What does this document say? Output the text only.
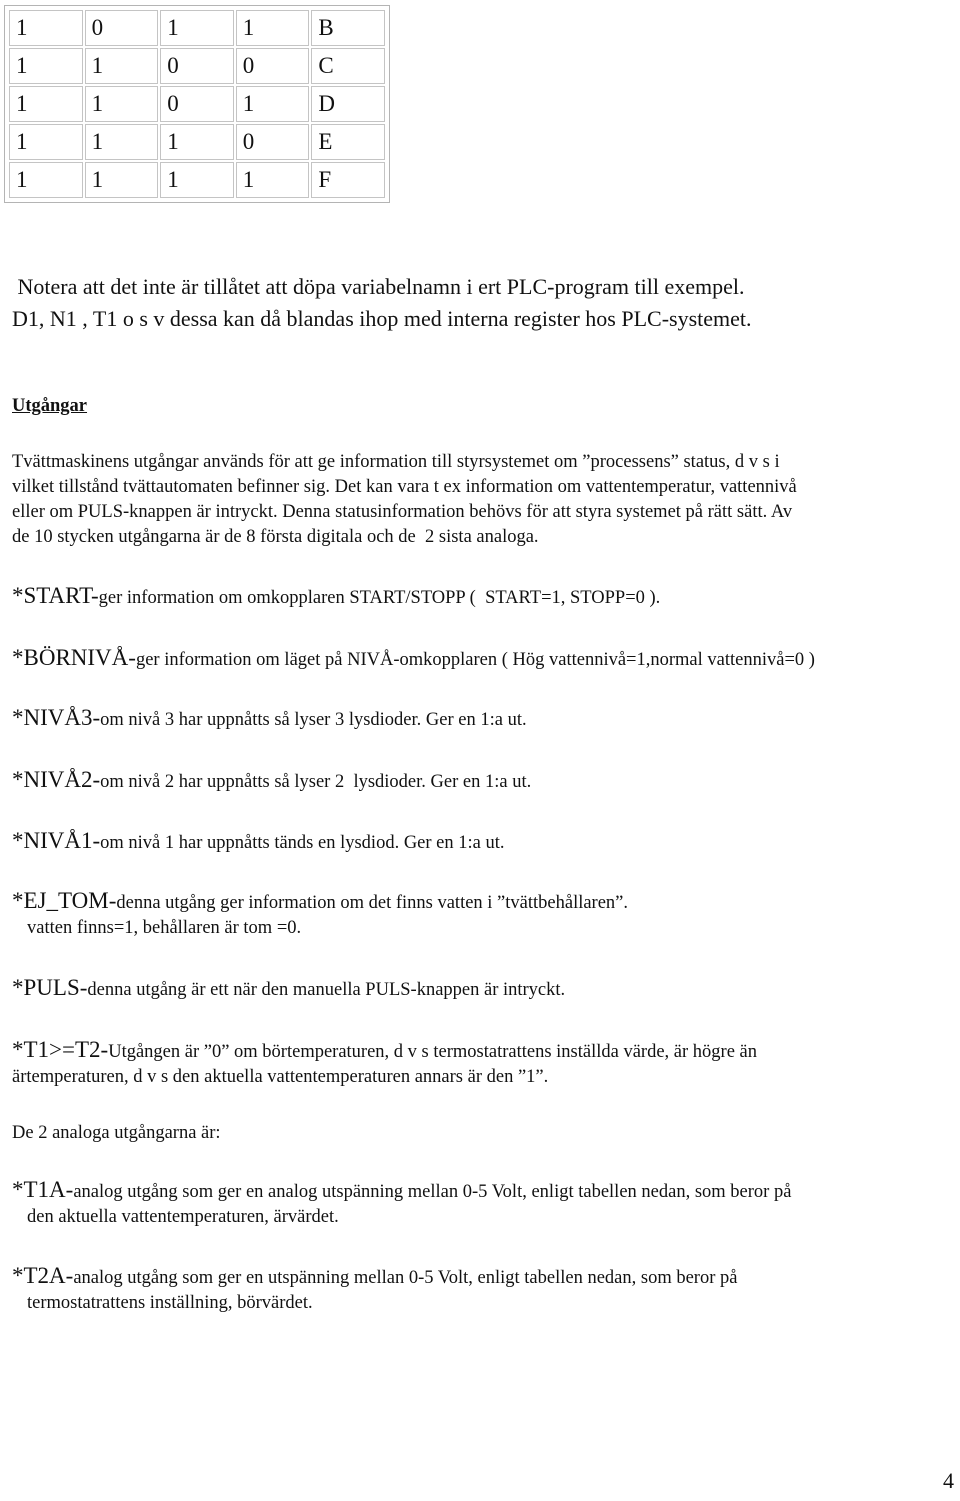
1	0	1	1	B
1	1	0	0	C
1	1	0	1	D
1	1	1	0	E
1	1	1	1	F
Notera att det inte är tillåtet att döpa variabelnamn i ert PLC-program till exempel.
D1, N1 , T1 o s v dessa kan då blandas ihop med interna register hos PLC-systemet.
Utgångar
Tvättmaskinens utgångar används för att ge information till styrsystemet om ”processens” status, d v s i
vilket tillstånd tvättautomaten befinner sig. Det kan vara t ex information om vattentemperatur, vattennivå
eller om PULS-knappen är intryckt. Denna statusinformation behövs för att styra systemet på rätt sätt. Av
de 10 stycken utgångarna är de 8 första digitala och de  2 sista analoga.
*START-ger information om omkopplaren START/STOPP (  START=1, STOPP=0 ).
*BÖRNIVÅ-ger information om läget på NIVÅ-omkopplaren ( Hög vattennivå=1,normal vattennivå=0 )
*NIVÅ3-om nivå 3 har uppnåtts så lyser 3 lysdioder. Ger en 1:a ut.
*NIVÅ2-om nivå 2 har uppnåtts så lyser 2  lysdioder. Ger en 1:a ut.
*NIVÅ1-om nivå 1 har uppnåtts tänds en lysdiod. Ger en 1:a ut.
*EJ_TOM-denna utgång ger information om det finns vatten i ”tvättbehållaren”.
vatten finns=1, behållaren är tom =0.
*PULS-denna utgång är ett när den manuella PULS-knappen är intryckt.
*T1>=T2-Utgången är ”0” om börtemperaturen, d v s termostatrattens inställda värde, är högre än
ärtemperaturen, d v s den aktuella vattentemperaturen annars är den ”1”.
De 2 analoga utgångarna är:
*T1A-analog utgång som ger en analog utspänning mellan 0-5 Volt, enligt tabellen nedan, som beror på
den aktuella vattentemperaturen, ärvärdet.
*T2A-analog utgång som ger en utspänning mellan 0-5 Volt, enligt tabellen nedan, som beror på
termostatrattens inställning, börvärdet.
4
